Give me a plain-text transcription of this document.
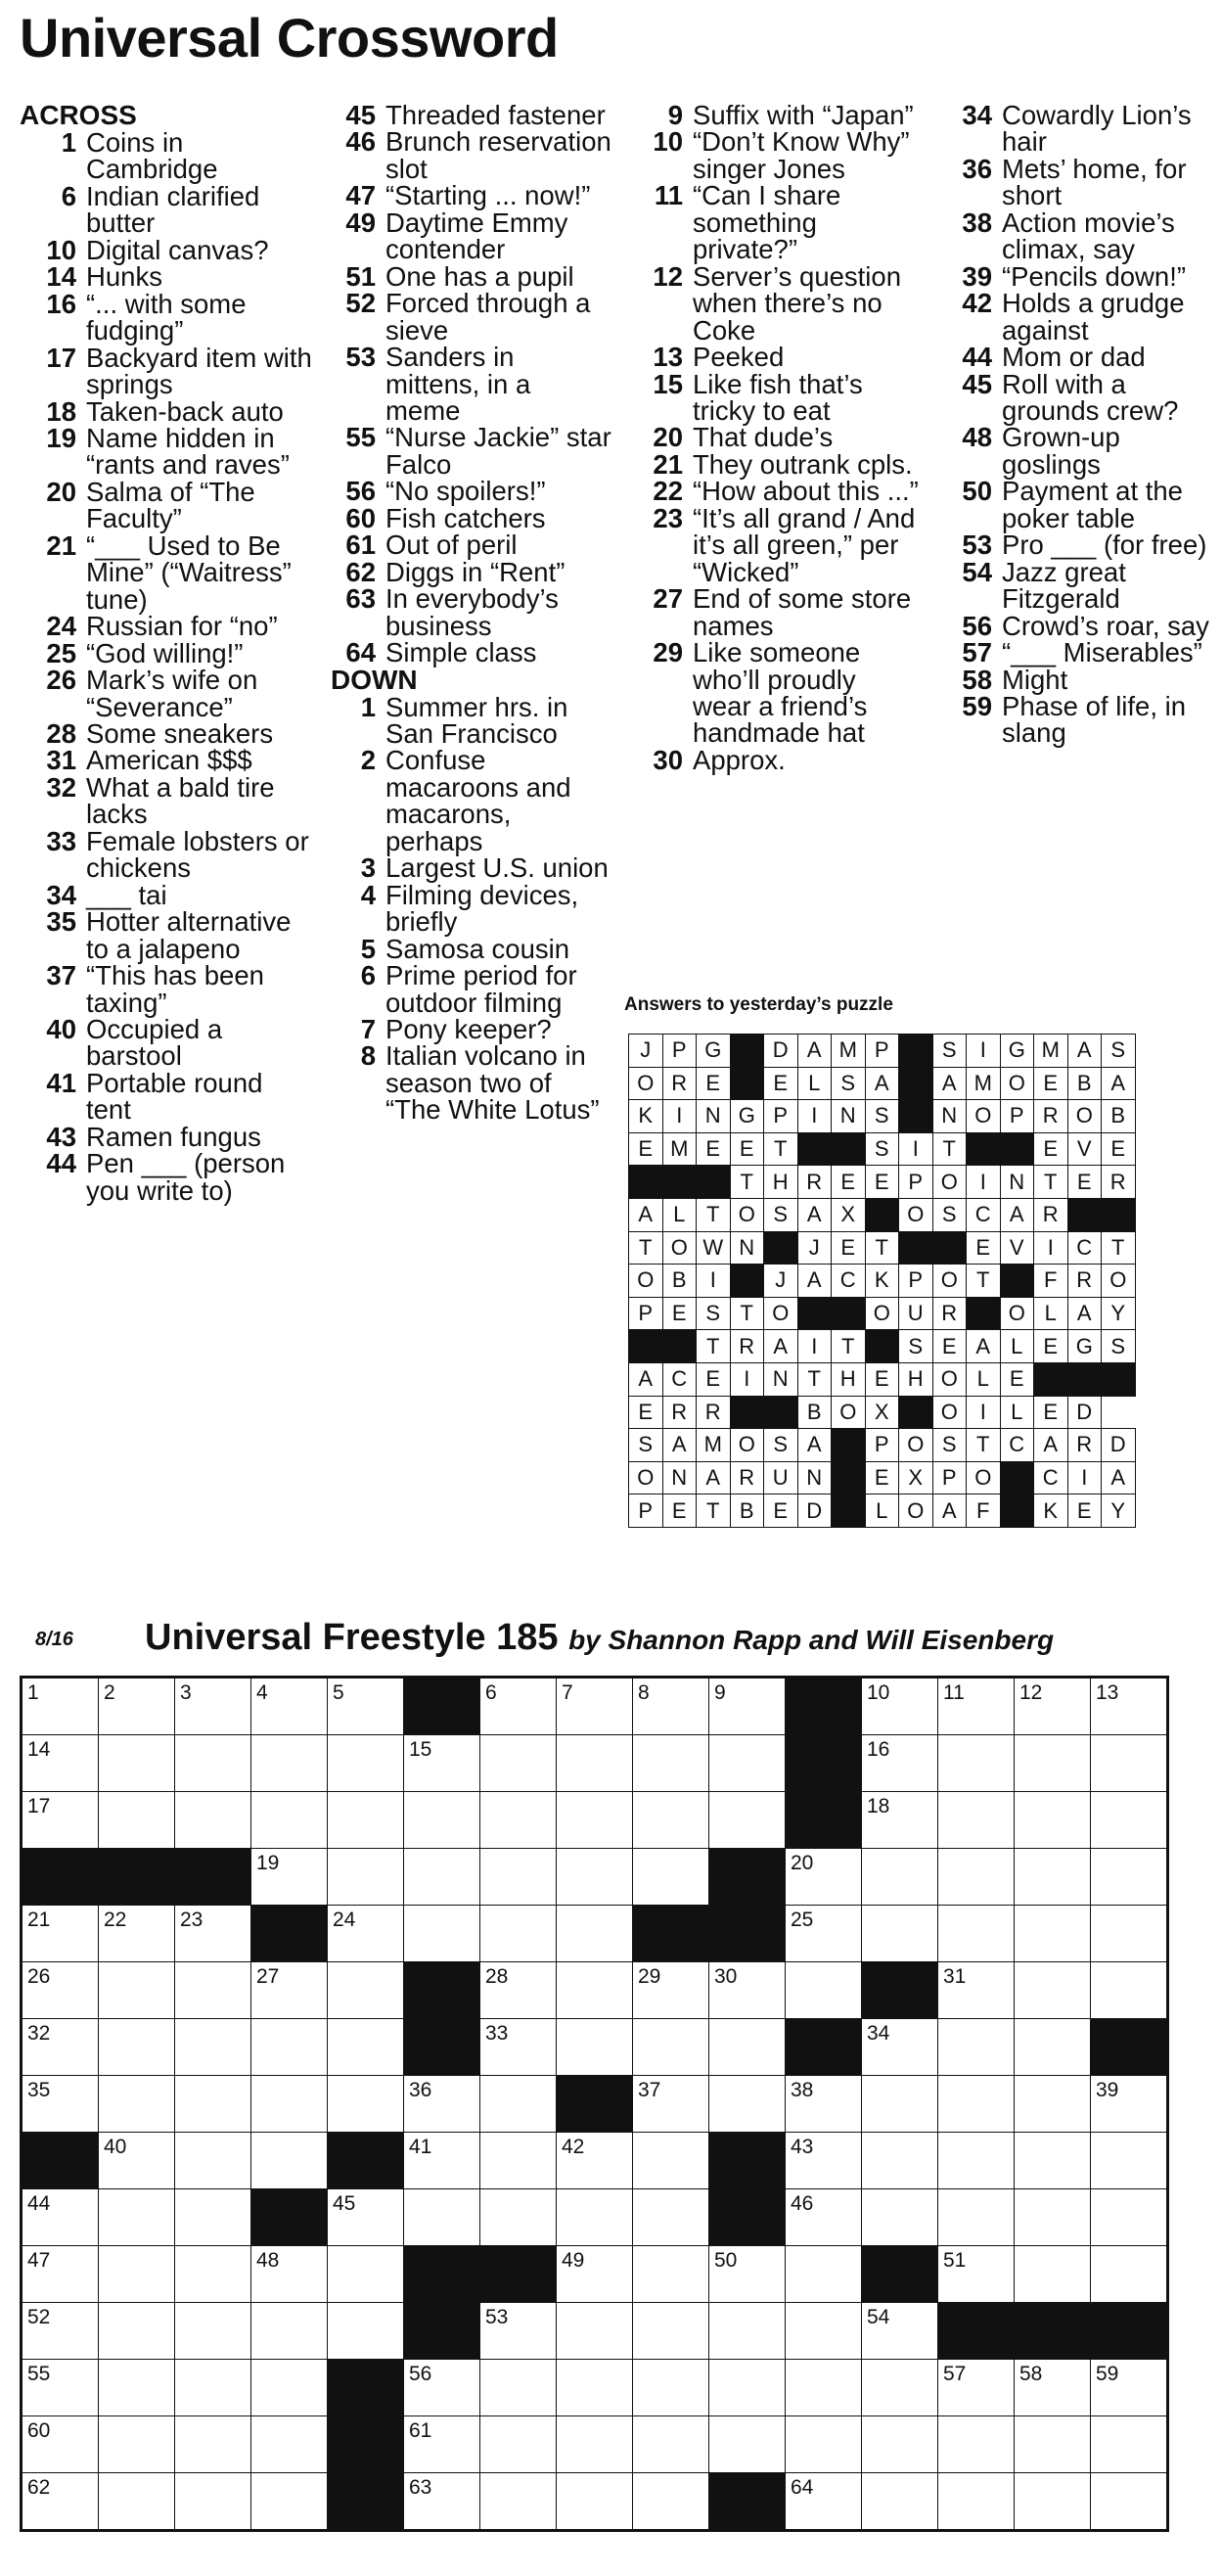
Universal Crossword
ACROSS
1 Coins in Cambridge
6 Indian clarified butter
10 Digital canvas?
14 Hunks
16 “... with some fudging”
17 Backyard item with springs
18 Taken-back auto
19 Name hidden in “rants and raves”
20 Salma of “The Faculty”
21 “___ Used to Be Mine” (“Waitress” tune)
24 Russian for “no”
25 “God willing!”
26 Mark’s wife on “Severance”
28 Some sneakers
31 American $$$
32 What a bald tire lacks
33 Female lobsters or chickens
34 ___ tai
35 Hotter alternative to a jalapeno
37 “This has been taxing”
40 Occupied a barstool
41 Portable round tent
43 Ramen fungus
44 Pen ___ (person you write to)
45 Threaded fastener
46 Brunch reservation slot
47 “Starting ... now!”
49 Daytime Emmy contender
51 One has a pupil
52 Forced through a sieve
53 Sanders in mittens, in a meme
55 “Nurse Jackie” star Falco
56 “No spoilers!”
60 Fish catchers
61 Out of peril
62 Diggs in “Rent”
63 In everybody’s business
64 Simple class
DOWN
1 Summer hrs. in San Francisco
2 Confuse macaroons and macarons, perhaps
3 Largest U.S. union
4 Filming devices, briefly
5 Samosa cousin
6 Prime period for outdoor filming
7 Pony keeper?
8 Italian volcano in season two of “The White Lotus”
9 Suffix with “Japan”
10 “Don’t Know Why” singer Jones
11 “Can I share something private?”
12 Server’s question when there’s no Coke
13 Peeked
15 Like fish that’s tricky to eat
20 That dude’s
21 They outrank cpls.
22 “How about this ...”
23 “It’s all grand / And it’s all green,” per “Wicked”
27 End of some store names
29 Like someone who’ll proudly wear a friend’s handmade hat
30 Approx.
34 Cowardly Lion’s hair
36 Mets’ home, for short
38 Action movie’s climax, say
39 “Pencils down!”
42 Holds a grudge against
44 Mom or dad
45 Roll with a grounds crew?
48 Grown-up goslings
50 Payment at the poker table
53 Pro ___ (for free)
54 Jazz great Fitzgerald
56 Crowd’s roar, say
57 “___ Miserables”
58 Might
59 Phase of life, in slang
Answers to yesterday’s puzzle
J	P	G		D	A	M	P		S	I	G	M	A	S
O	R	E		E	L	S	A		A	M	O	E	B	A
K	I	N	G	P	I	N	S		N	O	P	R	O	B
E	M	E	E	T			S	I	T			E	V	E
			T	H	R	E	E	P	O	I	N	T	E	R
A	L	T	O	S	A	X		O	S	C	A	R		
T	O	W	N		J	E	T			E	V	I	C	T
O	B	I		J	A	C	K	P	O	T		F	R	O
P	E	S	T	O			O	U	R		O	L	A	Y
		T	R	A	I	T		S	E	A	L	E	G	S
A	C	E	I	N	T	H	E	H	O	L	E			
E	R	R			B	O	X		O	I	L	E	D	
S	A	M	O	S	A		P	O	S	T	C	A	R	D
O	N	A	R	U	N		E	X	P	O		C	I	A
P	E	T	B	E	D		L	O	A	F		K	E	Y
8/16 Universal Freestyle 185 by Shannon Rapp and Will Eisenberg
1	2	3	4	5		6	7	8	9		10	11	12	13

14					15						16			

17											18			

			19							20				

21	22	23		24						25				

26			27			28		29	30			31		

32						33					34			

35					36			37		38				39

	40				41		42			43				

44				45						46				

47			48				49		50			51		

52						53					54			

55					56							57	58	59

60					61									

62					63					64				
